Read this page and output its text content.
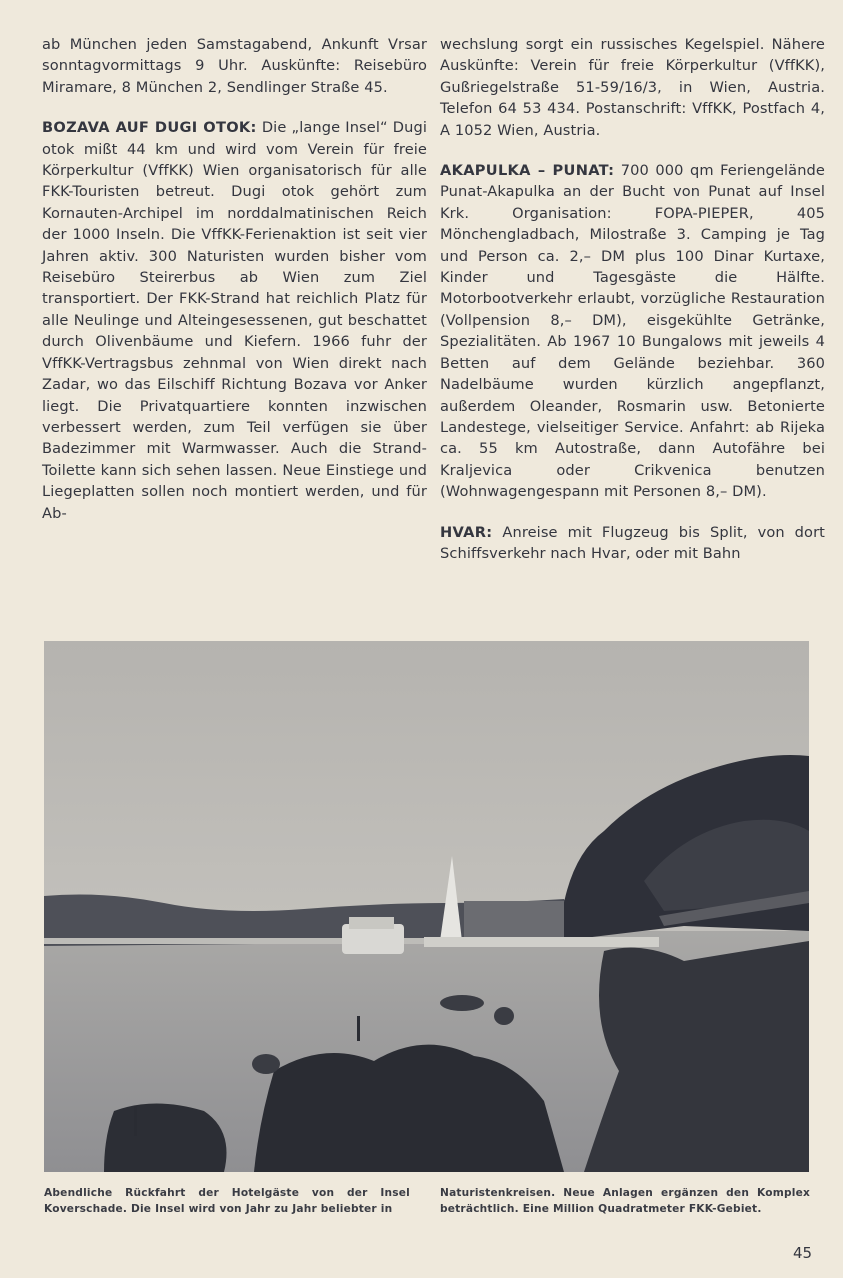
ab München jeden Samstagabend, Ankunft Vrsar sonntagvormittags 9 Uhr. Auskünfte: Reisebüro Miramare, 8 München 2, Sendlinger Straße 45.

BOZAVA AUF DUGI OTOK: Die „lange Insel“ Dugi otok mißt 44 km und wird vom Verein für freie Körperkultur (VffKK) Wien organisatorisch für alle FKK-Touristen betreut. Dugi otok gehört zum Kornauten-Archipel im norddalmatinischen Reich der 1000 Inseln. Die VffKK-Ferienaktion ist seit vier Jahren aktiv. 300 Naturisten wurden bisher vom Reisebüro Steirerbus ab Wien zum Ziel transportiert. Der FKK-Strand hat reichlich Platz für alle Neulinge und Alteingesessenen, gut beschattet durch Olivenbäume und Kiefern. 1966 fuhr der VffKK-Vertragsbus zehnmal von Wien direkt nach Zadar, wo das Eilschiff Richtung Bozava vor Anker liegt. Die Privatquartiere konnten inzwischen verbessert werden, zum Teil verfügen sie über Badezimmer mit Warmwasser. Auch die Strand-Toilette kann sich sehen lassen. Neue Einstiege und Liegeplatten sollen noch montiert werden, und für Ab-

wechslung sorgt ein russisches Kegelspiel. Nähere Auskünfte: Verein für freie Körperkultur (VffKK), Gußriegelstraße 51-59/16/3, in Wien, Austria. Telefon 64 53 434. Postanschrift: VffKK, Postfach 4, A 1052 Wien, Austria.

AKAPULKA – PUNAT: 700 000 qm Feriengelände Punat-Akapulka an der Bucht von Punat auf Insel Krk. Organisation: FOPA-PIEPER, 405 Mönchengladbach, Milostraße 3. Camping je Tag und Person ca. 2,– DM plus 100 Dinar Kurtaxe, Kinder und Tagesgäste die Hälfte. Motorbootverkehr erlaubt, vorzügliche Restauration (Vollpension 8,– DM), eisgekühlte Getränke, Spezialitäten. Ab 1967 10 Bungalows mit jeweils 4 Betten auf dem Gelände beziehbar. 360 Nadelbäume wurden kürzlich angepflanzt, außerdem Oleander, Rosmarin usw. Betonierte Landestege, vielseitiger Service. Anfahrt: ab Rijeka ca. 55 km Autostraße, dann Autofähre bei Kraljevica oder Crikvenica benutzen (Wohnwagengespann mit Personen 8,– DM).

HVAR: Anreise mit Flugzeug bis Split, von dort Schiffsverkehr nach Hvar, oder mit Bahn

Abendliche Rückfahrt der Hotelgäste von der Insel Koverschade. Die Insel wird von Jahr zu Jahr beliebter in
Naturistenkreisen. Neue Anlagen ergänzen den Komplex beträchtlich. Eine Million Quadratmeter FKK-Gebiet.
45
